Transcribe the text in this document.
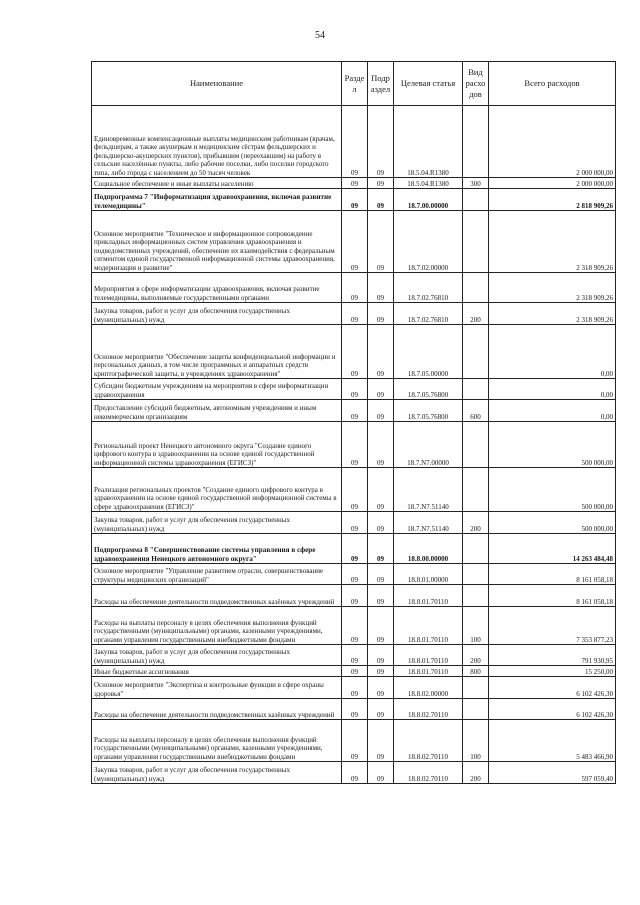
54
Наименование	Разде л	Подр аздел	Целевая статья	Вид расхо дов	Всего расходов
Единовременные компенсационные выплаты медицинским работникам (врачам, фельдшерам, а также акушеркам и медицинским сёстрам фельдшерских и фельдшерско-акушерских пунктов), прибывшим (переехавшим) на работу в сельские населённые пункты, либо рабочие поселки, либо поселки городского типа, либо города с населением до 50 тысяч человек	09	09	18.5.04.R1380		2 000 000,00
Социальное обеспечение и иные выплаты населению	09	09	18.5.04.R1380	300	2 000 000,00
Подпрограмма 7 "Информатизация здравоохранения, включая развитие телемедицины"	09	09	18.7.00.00000		2 818 909,26
Основное мероприятие "Техническое и информационное сопровождение прикладных информационных систем управления здравоохранения и подведомственных учреждений, обеспечение их взаимодействия с федеральным сегментом единой государственной информационной системы здравоохранения, модернизация и развитие"	09	09	18.7.02.00000		2 318 909,26
Мероприятия в сфере информатизации здравоохранения, включая развитие телемедицины, выполняемые государственными органами	09	09	18.7.02.76810		2 318 909,26
Закупка товаров, работ и услуг для обеспечения государственных (муниципальных) нужд	09	09	18.7.02.76810	200	2 318 909,26
Основное мероприятие "Обеспечение защиты конфиденциальной информации и персональных данных, в том числе программных и аппаратных средств криптографической защиты, в учреждениях здравоохранения"	09	09	18.7.05.00000		0,00
Субсидии бюджетным учреждениям на мероприятия в сфере информатизации здравоохранения	09	09	18.7.05.76800		0,00
Предоставление субсидий бюджетным, автономным учреждениям и иным некоммерческим организациям	09	09	18.7.05.76800	600	0,00
Региональный проект Ненецкого автономного округа "Создание единого цифрового контура в здравоохранении на основе единой государственной информационной системы здравоохранения (ЕГИСЗ)"	09	09	18.7.N7.00000		500 000,00
Реализация региональных проектов "Создание единого цифрового контура в здравоохранении на основе единой государственной информационной системы в сфере здравоохранения (ЕГИСЗ)"	09	09	18.7.N7.51140		500 000,00
Закупка товаров, работ и услуг для обеспечения государственных (муниципальных) нужд	09	09	18.7.N7.51140	200	500 000,00
Подпрограмма 8 "Совершенствование системы управления в сфере здравоохранения Ненецкого автономного округа"	09	09	18.8.00.00000		14 263 484,48
Основное мероприятие "Управление развитием отрасли, совершенствование структуры медицинских организаций"	09	09	18.8.01.00000		8 161 058,18
Расходы на обеспечение деятельности подведомственных казённых учреждений	09	09	18.8.01.70110		8 161 058,18
Расходы на выплаты персоналу в целях обеспечения выполнения функций государственными (муниципальными) органами, казенными учреждениями, органами управления государственными внебюджетными фондами	09	09	18.8.01.70110	100	7 353 877,23
Закупка товаров, работ и услуг для обеспечения государственных (муниципальных) нужд	09	09	18.8.01.70110	200	791 930,95
Иные бюджетные ассигнования	09	09	18.8.01.70110	800	15 250,00
Основное мероприятие "Экспертиза и контрольные функции в сфере охраны здоровья"	09	09	18.8.02.00000		6 102 426,30
Расходы на обеспечение деятельности подведомственных казённых учреждений	09	09	18.8.02.70110		6 102 426,30
Расходы на выплаты персоналу в целях обеспечения выполнения функций государственными (муниципальными) органами, казенными учреждениями, органами управления государственными внебюджетными фондами	09	09	18.8.02.70110	100	5 483 466,90
Закупка товаров, работ и услуг для обеспечения государственных (муниципальных) нужд	09	09	18.8.02.70110	200	597 059,40
